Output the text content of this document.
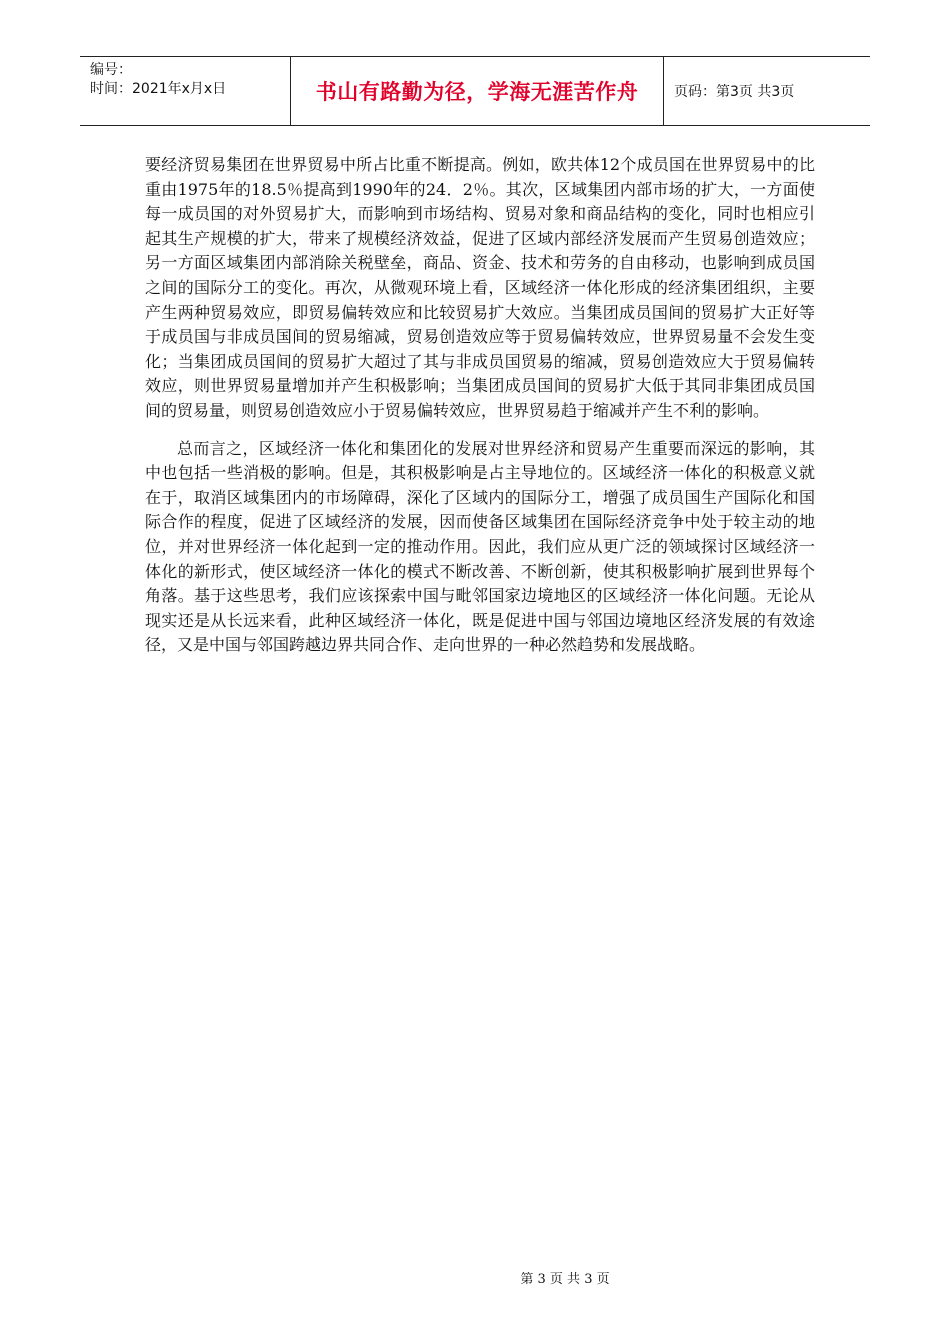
编号：
时间：2021年x月x日	书山有路勤为径，学海无涯苦作舟	页码：第3页 共3页

要经济贸易集团在世界贸易中所占比重不断提高。例如，欧共体12个成员国在世界贸易中的比重由1975年的18.5％提高到1990年的24．2％。其次，区域集团内部市场的扩大，一方面使每一成员国的对外贸易扩大，而影响到市场结构、贸易对象和商品结构的变化，同时也相应引起其生产规模的扩大，带来了规模经济效益，促进了区域内部经济发展而产生贸易创造效应；另一方面区域集团内部消除关税壁垒，商品、资金、技术和劳务的自由移动，也影响到成员国之间的国际分工的变化。再次，从微观环境上看，区域经济一体化形成的经济集团组织，主要产生两种贸易效应，即贸易偏转效应和比较贸易扩大效应。当集团成员国间的贸易扩大正好等于成员国与非成员国间的贸易缩减，贸易创造效应等于贸易偏转效应，世界贸易量不会发生变化；当集团成员国间的贸易扩大超过了其与非成员国贸易的缩减，贸易创造效应大于贸易偏转效应，则世界贸易量增加并产生积极影响；当集团成员国间的贸易扩大低于其同非集团成员国间的贸易量，则贸易创造效应小于贸易偏转效应，世界贸易趋于缩减并产生不利的影响。

总而言之，区域经济一体化和集团化的发展对世界经济和贸易产生重要而深远的影响，其中也包括一些消极的影响。但是，其积极影响是占主导地位的。区域经济一体化的积极意义就在于，取消区域集团内的市场障碍，深化了区域内的国际分工，增强了成员国生产国际化和国际合作的程度，促进了区域经济的发展，因而使备区域集团在国际经济竞争中处于较主动的地位，并对世界经济一体化起到一定的推动作用。因此，我们应从更广泛的领域探讨区域经济一体化的新形式，使区域经济一体化的模式不断改善、不断创新，使其积极影响扩展到世界每个角落。基于这些思考，我们应该探索中国与毗邻国家边境地区的区域经济一体化问题。无论从现实还是从长远来看，此种区域经济一体化，既是促进中国与邻国边境地区经济发展的有效途径，又是中国与邻国跨越边界共同合作、走向世界的一种必然趋势和发展战略。

第 3 页 共 3 页
